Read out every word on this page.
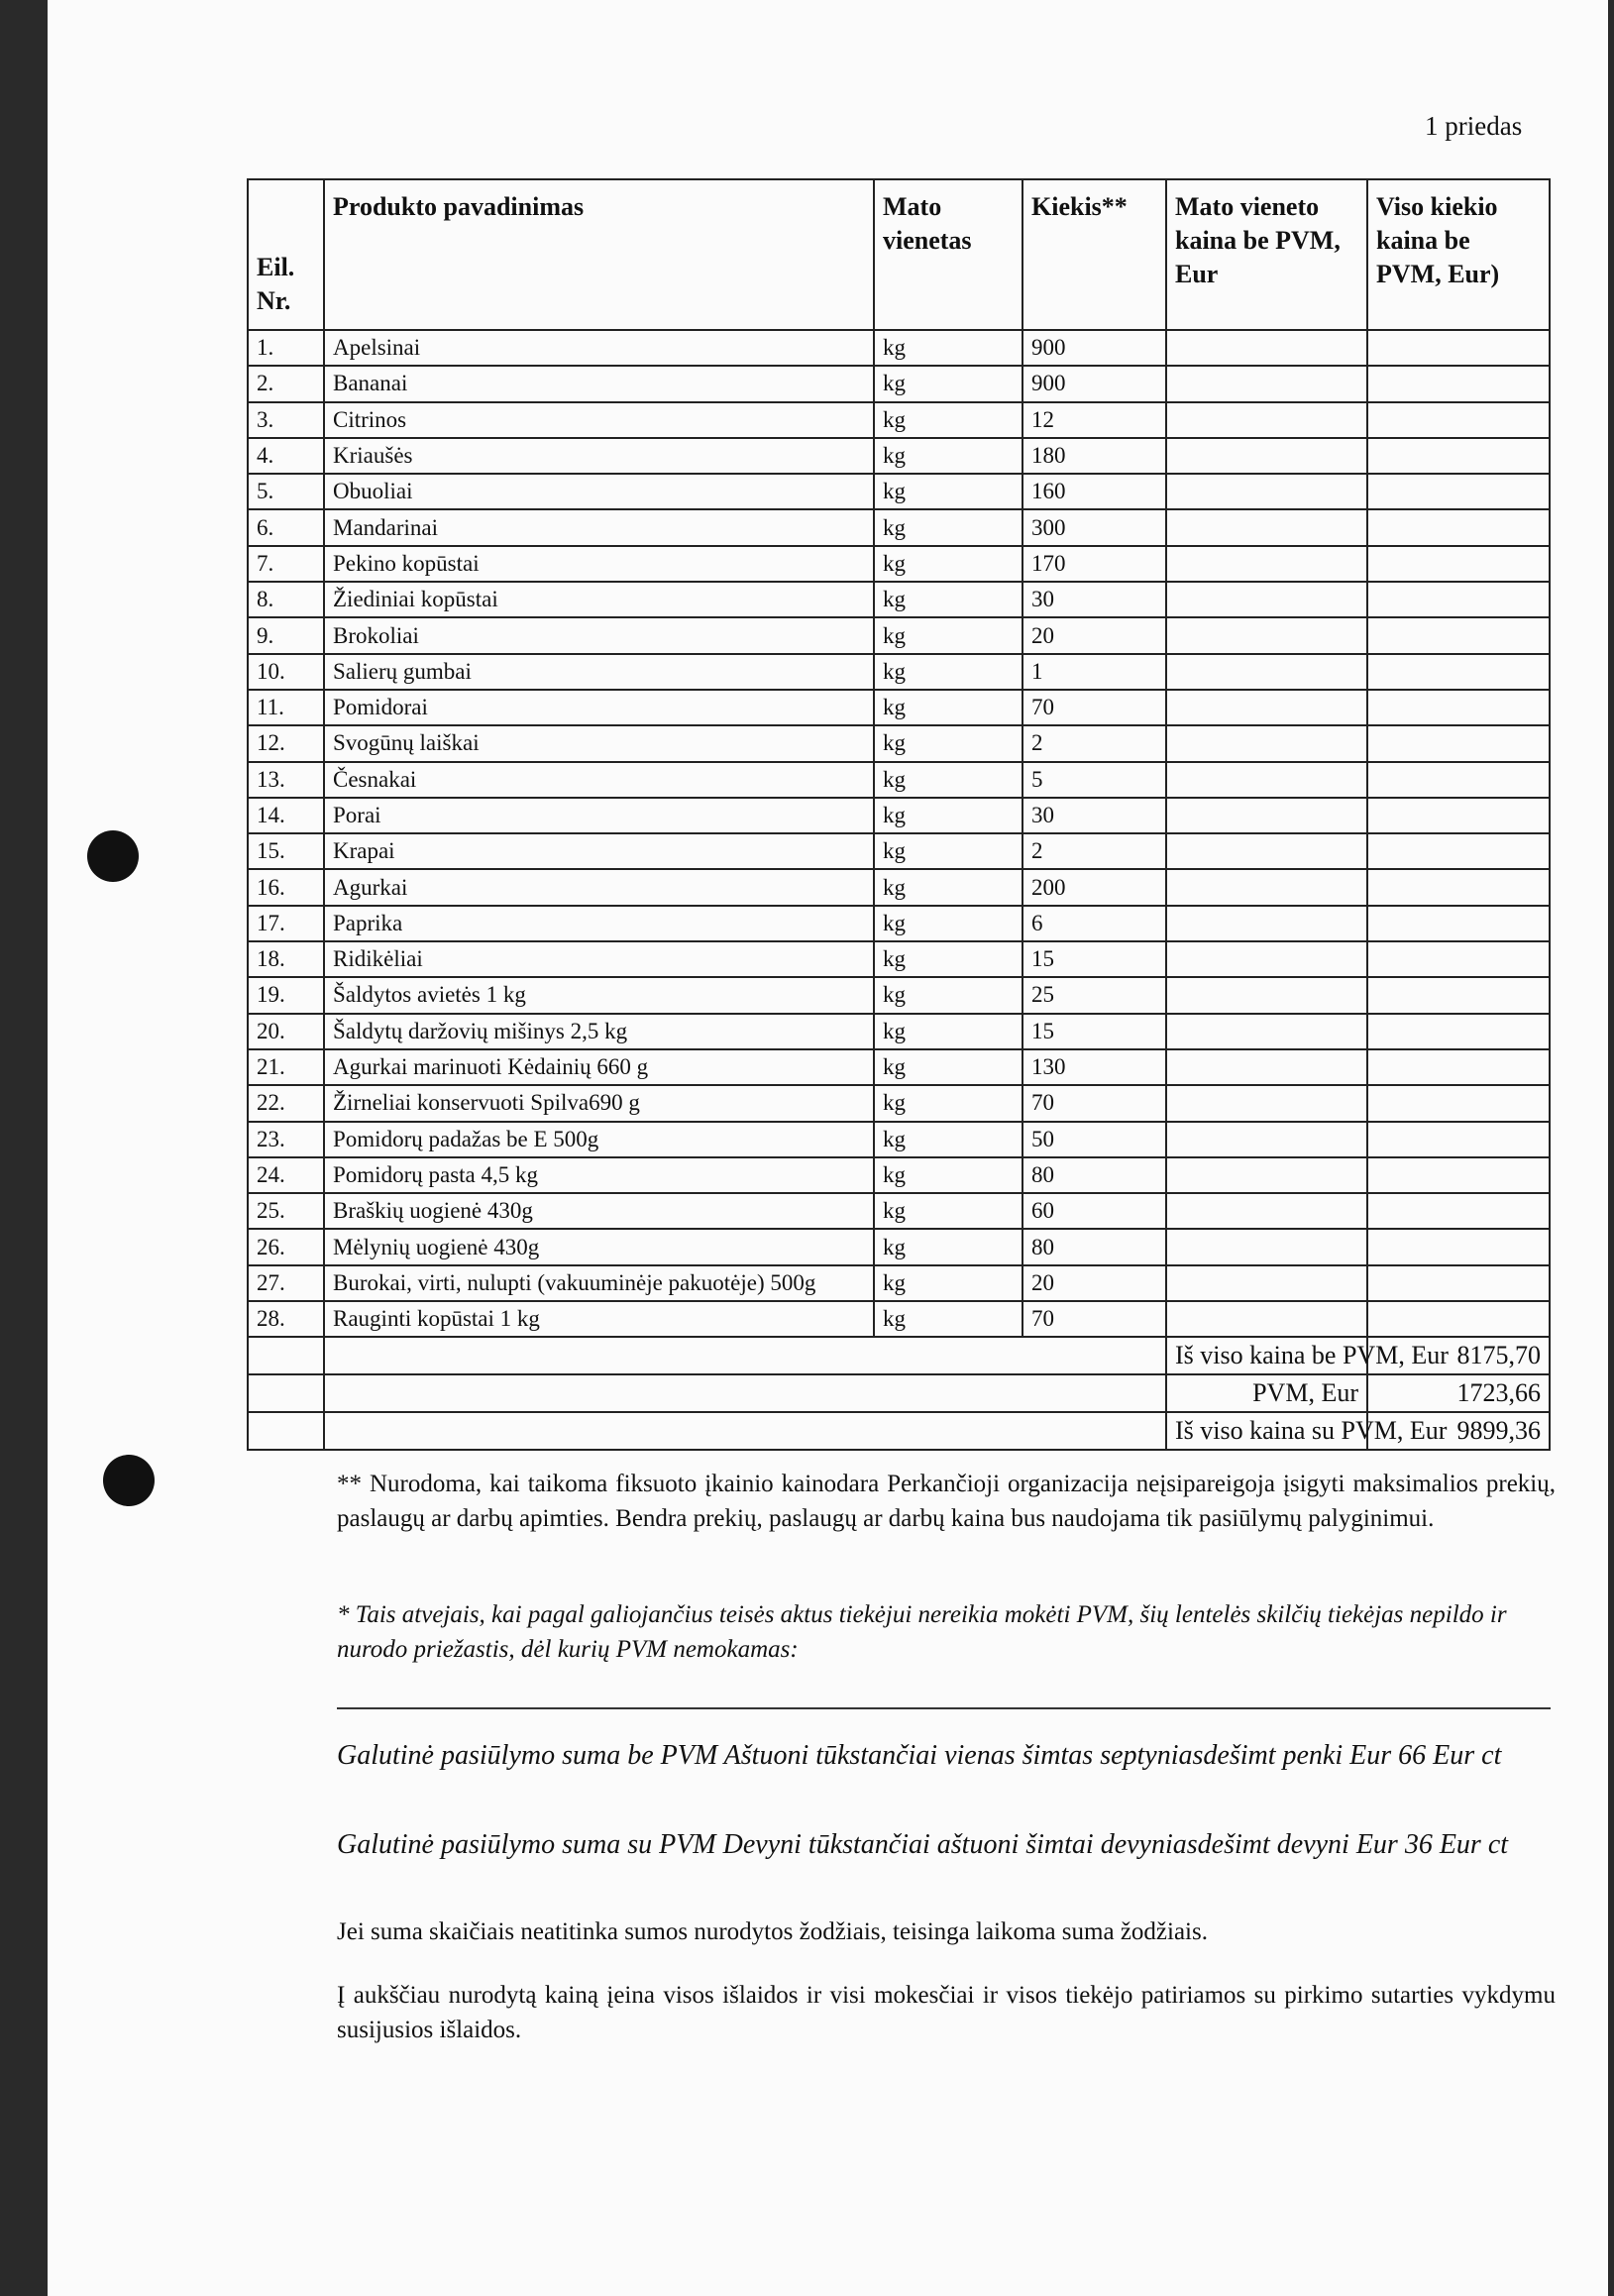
1 priedas
Eil. Nr.	Produkto pavadinimas	Mato vienetas	Kiekis**	Mato vieneto kaina be PVM, Eur	Viso kiekio kaina be PVM, Eur)
1.	Apelsinai	kg	900		
2.	Bananai	kg	900		
3.	Citrinos	kg	12		
4.	Kriaušės	kg	180		
5.	Obuoliai	kg	160		
6.	Mandarinai	kg	300		
7.	Pekino kopūstai	kg	170		
8.	Žiediniai kopūstai	kg	30		
9.	Brokoliai	kg	20		
10.	Salierų gumbai	kg	1		
11.	Pomidorai	kg	70		
12.	Svogūnų laiškai	kg	2		
13.	Česnakai	kg	5		
14.	Porai	kg	30		
15.	Krapai	kg	2		
16.	Agurkai	kg	200		
17.	Paprika	kg	6		
18.	Ridikėliai	kg	15		
19.	Šaldytos avietės 1 kg	kg	25		
20.	Šaldytų daržovių mišinys 2,5 kg	kg	15		
21.	Agurkai marinuoti Kėdainių 660 g	kg	130		
22.	Žirneliai konservuoti Spilva690 g	kg	70		
23.	Pomidorų padažas be E 500g	kg	50		
24.	Pomidorų pasta 4,5 kg	kg	80		
25.	Braškių uogienė 430g	kg	60		
26.	Mėlynių uogienė 430g	kg	80		
27.	Burokai, virti, nulupti (vakuuminėje pakuotėje) 500g	kg	20		
28.	Rauginti kopūstai 1 kg	kg	70		
				Iš viso kaina be PVM, Eur	8175,70
				PVM, Eur	1723,66
				Iš viso kaina su PVM, Eur	9899,36
** Nurodoma, kai taikoma fiksuoto įkainio kainodara Perkančioji organizacija neįsipareigoja įsigyti maksimalios prekių, paslaugų ar darbų apimties. Bendra prekių, paslaugų ar darbų kaina bus naudojama tik pasiūlymų palyginimui.
* Tais atvejais, kai pagal galiojančius teisės aktus tiekėjui nereikia mokėti PVM, šių lentelės skilčių tiekėjas nepildo ir nurodo priežastis, dėl kurių PVM nemokamas:
Galutinė pasiūlymo suma be PVM Aštuoni tūkstančiai vienas šimtas septyniasdešimt penki Eur 66 Eur ct
Galutinė pasiūlymo suma su PVM Devyni tūkstančiai aštuoni šimtai devyniasdešimt devyni Eur 36 Eur ct
Jei suma skaičiais neatitinka sumos nurodytos žodžiais, teisinga laikoma suma žodžiais.
Į aukščiau nurodytą kainą įeina visos išlaidos ir visi mokesčiai ir visos tiekėjo patiriamos su pirkimo sutarties vykdymu susijusios išlaidos.
